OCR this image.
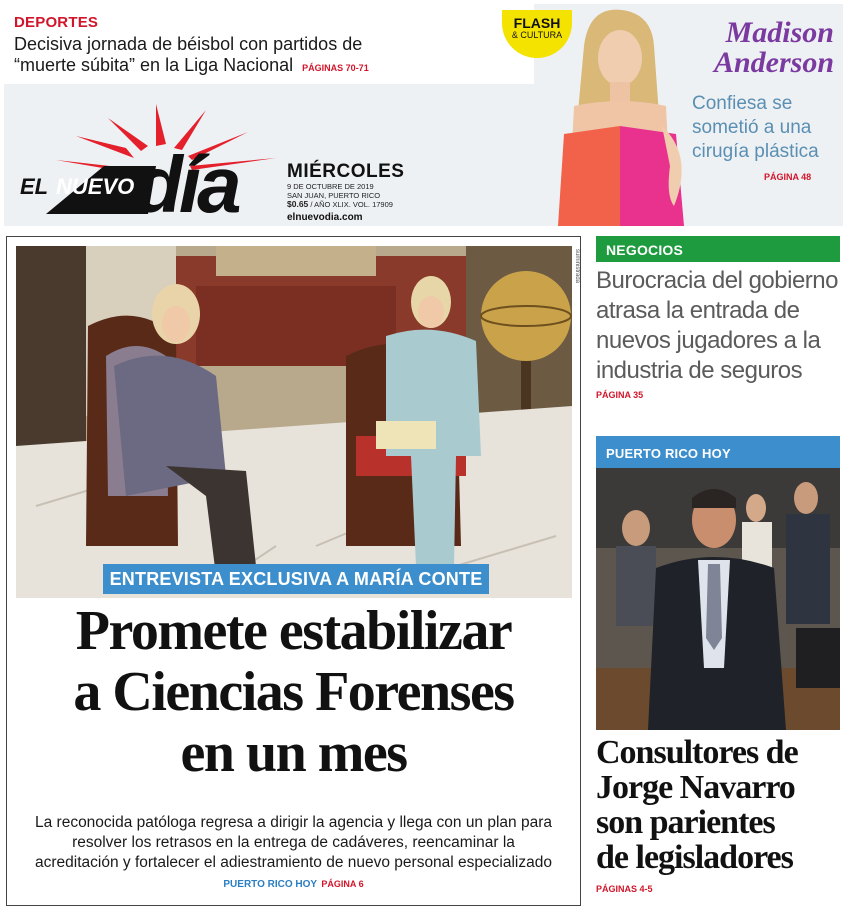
DEPORTES
Decisiva jornada de béisbol con partidos de “muerte súbita” en la Liga Nacional PÁGINAS 70-71
EL NUEVO día	MIÉRCOLES
9 DE OCTUBRE DE 2019
SAN JUAN, PUERTO RICO
$0.65 / AÑO XLIX. VOL. 17909
elnuevodia.com
FLASH
& CULTURA	Madison
Anderson
Confiesa se sometió a una cirugía plástica
PÁGINA 48
suministrada
ENTREVISTA EXCLUSIVA A MARÍA CONTE
Promete estabilizar
a Ciencias Forenses
en un mes
La reconocida patóloga regresa a dirigir la agencia y llega con un plan para resolver los retrasos en la entrega de cadáveres, reencaminar la acreditación y fortalecer el adiestramiento de nuevo personal especializado PUERTO RICO HOY PÁGINA 6
NEGOCIOS
Burocracia del gobierno atrasa la entrada de nuevos jugadores a la industria de seguros
PÁGINA 35
PUERTO RICO HOY
Consultores de
Jorge Navarro
son parientes
de legisladores
PÁGINAS 4-5
